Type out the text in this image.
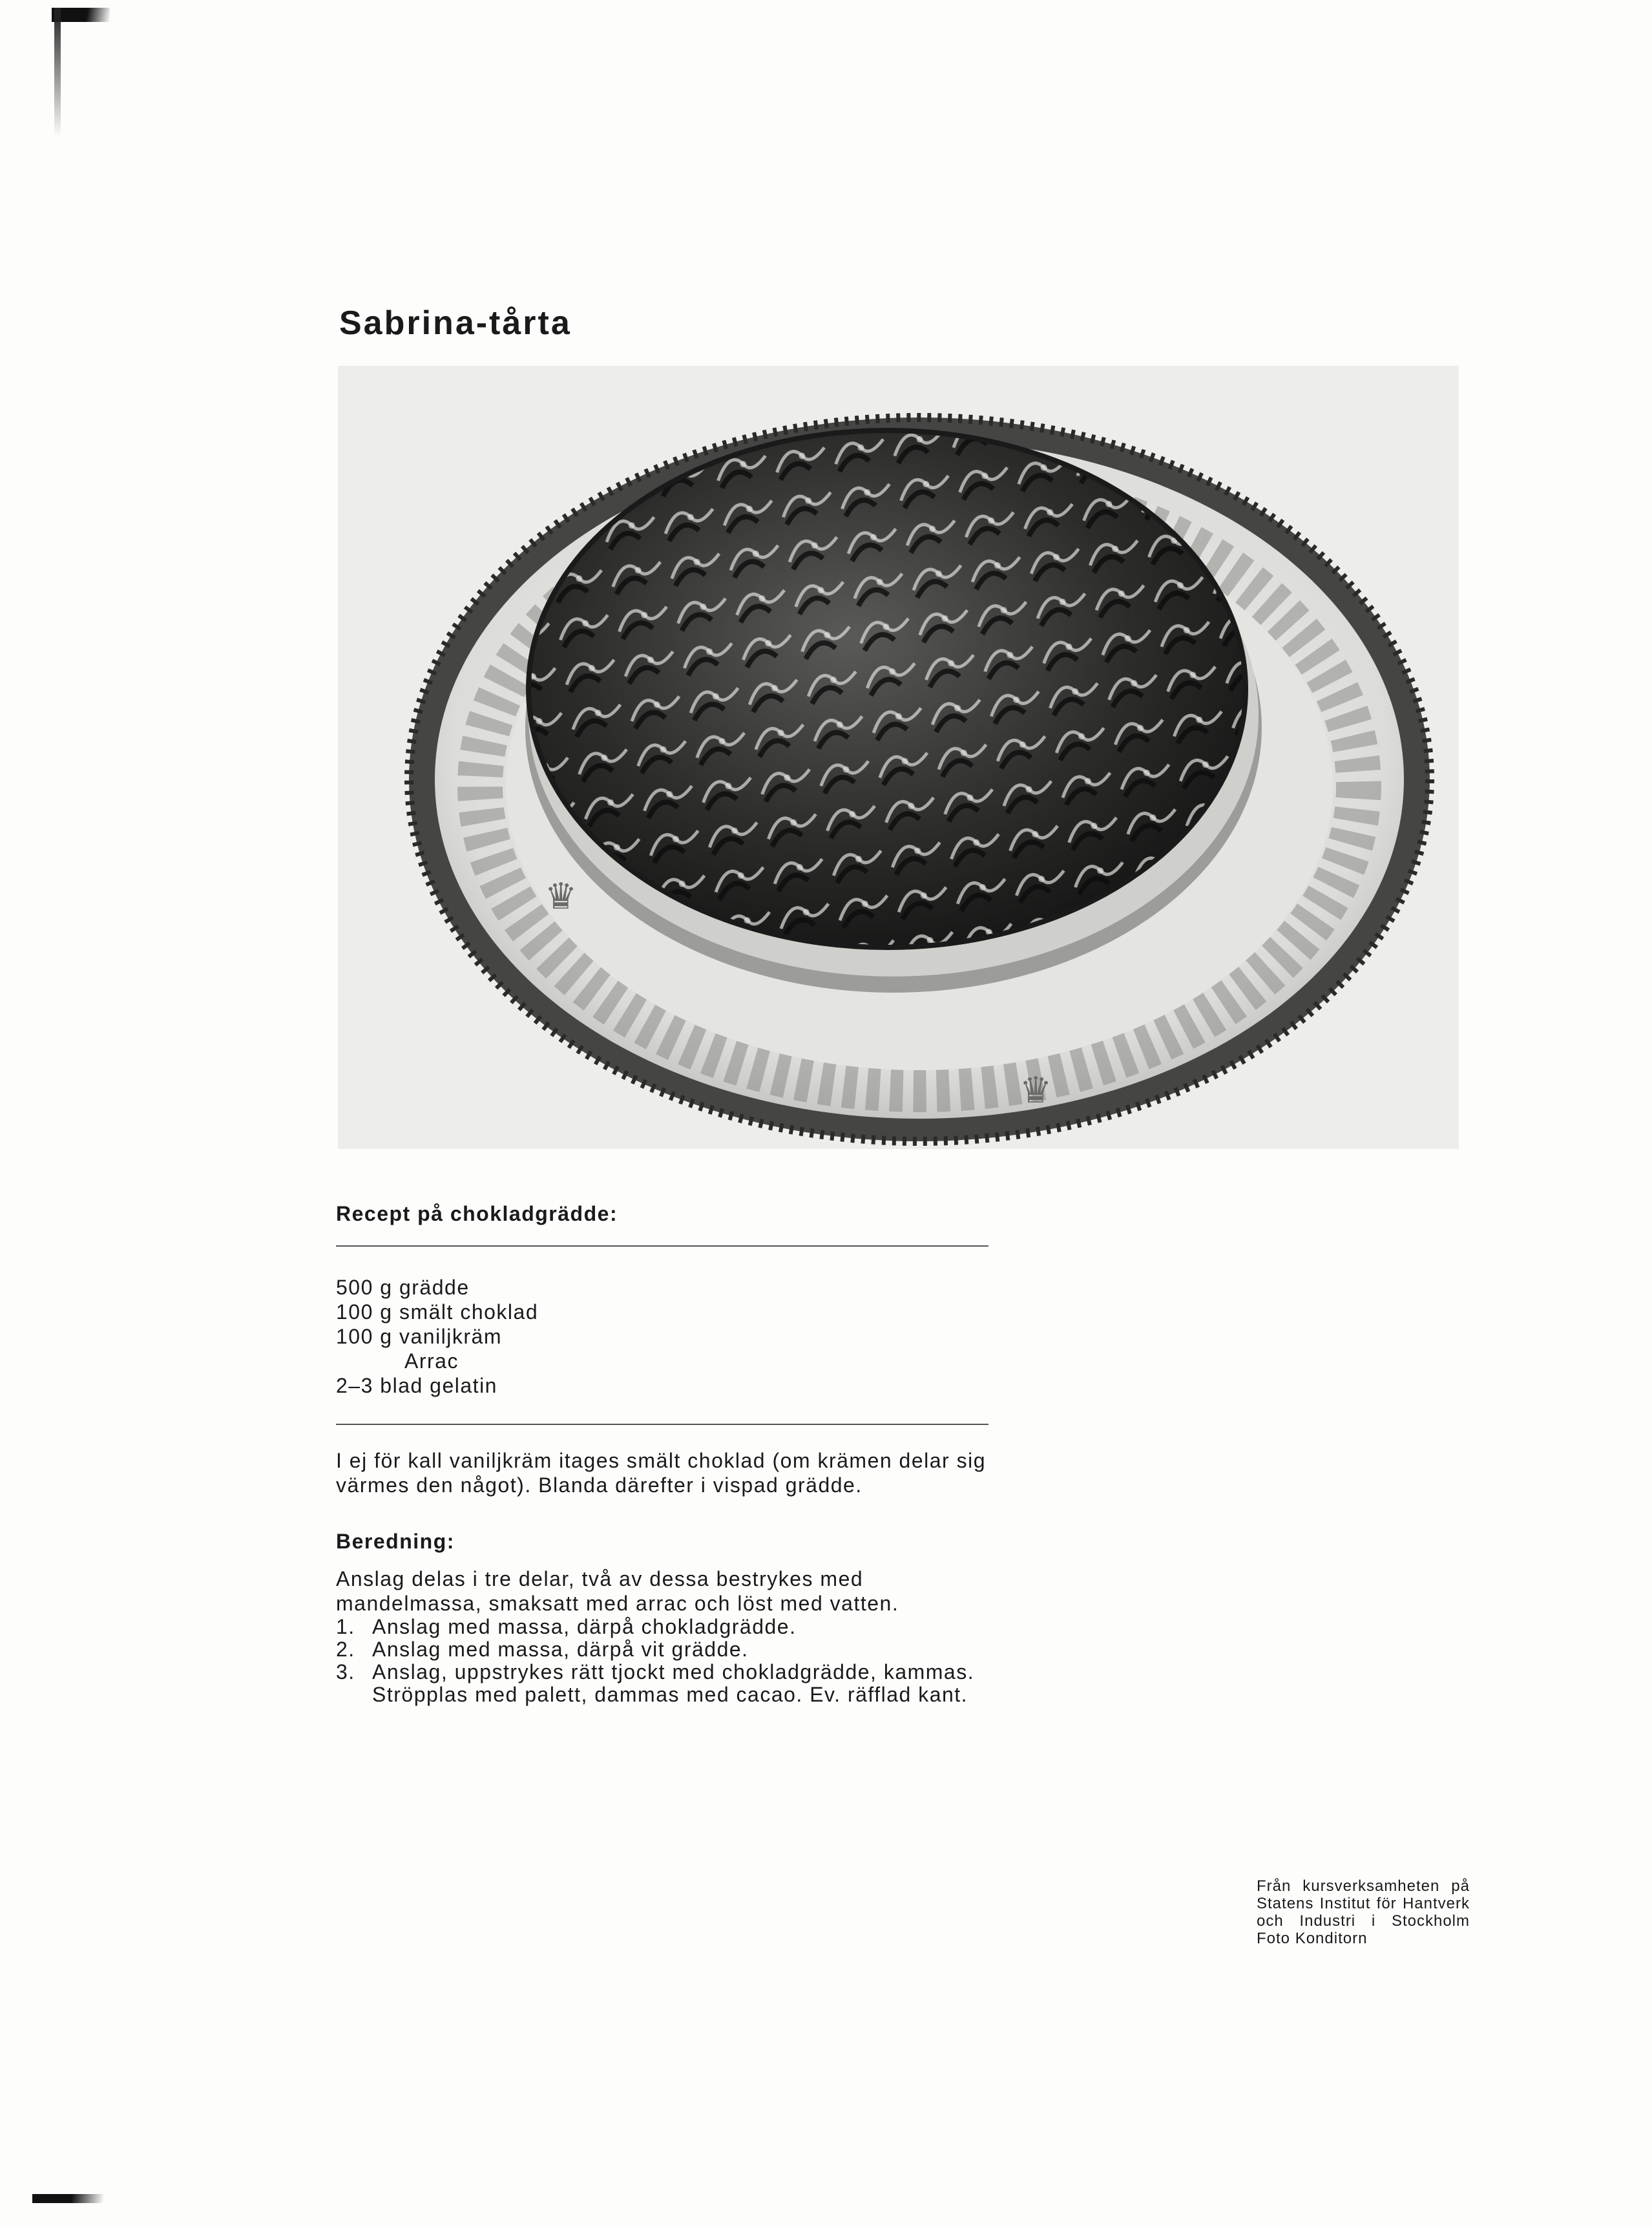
Sabrina-tårta
♛
♛
Recept på chokladgrädde:
500 g grädde
100 g smält choklad
100 g vaniljkräm
Arrac
2–3 blad gelatin

I ej för kall vaniljkräm itages smält choklad (om krämen delar sig värmes den något). Blanda därefter i vispad grädde.

Beredning:

Anslag delas i tre delar, två av dessa bestrykes med mandelmassa, smaksatt med arrac och löst med vatten.

1. Anslag med massa, därpå chokladgrädde.
2. Anslag med massa, därpå vit grädde.
3. Anslag, uppstrykes rätt tjockt med chokladgrädde, kammas. Ströpplas med palett, dammas med cacao. Ev. räfflad kant.

Från kursverksamheten på Statens Institut för Hantverk och Industri i Stockholm Foto Konditorn
